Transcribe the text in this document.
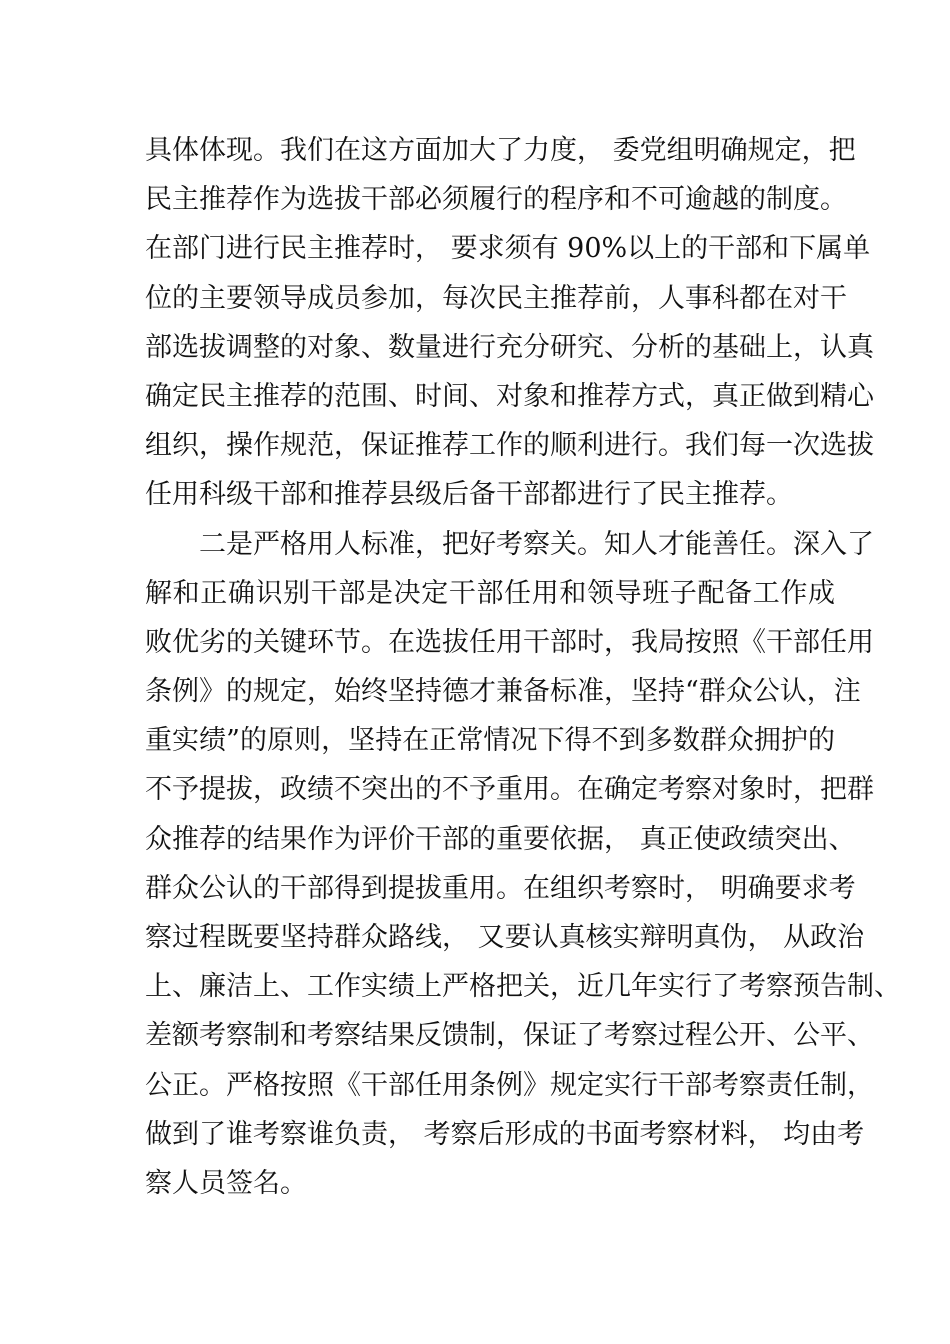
具体体现。我们在这方面加大了力度， 委党组明确规定，把
民主推荐作为选拔干部必须履行的程序和不可逾越的制度。
在部门进行民主推荐时， 要求须有 90%以上的干部和下属单
位的主要领导成员参加，每次民主推荐前，人事科都在对干
部选拔调整的对象、数量进行充分研究、分析的基础上，认真
确定民主推荐的范围、时间、对象和推荐方式，真正做到精心
组织，操作规范，保证推荐工作的顺利进行。我们每一次选拔
任用科级干部和推荐县级后备干部都进行了民主推荐。
二是严格用人标准，把好考察关。知人才能善任。深入了
解和正确识别干部是决定干部任用和领导班子配备工作成
败优劣的关键环节。在选拔任用干部时，我局按照《干部任用
条例》的规定，始终坚持德才兼备标准，坚持“群众公认，注
重实绩”的原则，坚持在正常情况下得不到多数群众拥护的
不予提拔，政绩不突出的不予重用。在确定考察对象时，把群
众推荐的结果作为评价干部的重要依据， 真正使政绩突出、
群众公认的干部得到提拔重用。在组织考察时， 明确要求考
察过程既要坚持群众路线， 又要认真核实辩明真伪， 从政治
上、廉洁上、工作实绩上严格把关，近几年实行了考察预告制、
差额考察制和考察结果反馈制，保证了考察过程公开、公平、
公正。严格按照《干部任用条例》规定实行干部考察责任制，
做到了谁考察谁负责， 考察后形成的书面考察材料， 均由考
察人员签名。
